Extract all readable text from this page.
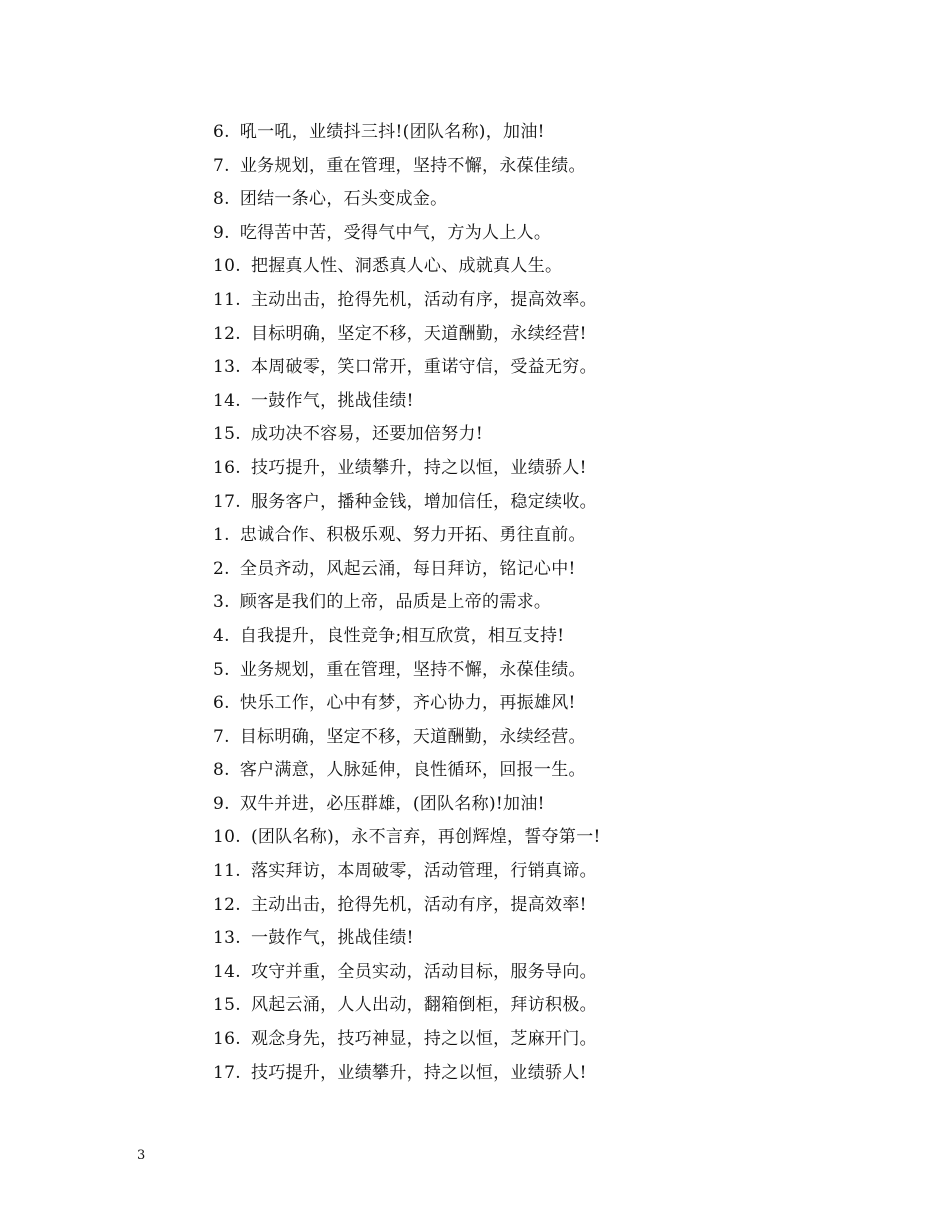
6. 吼一吼，业绩抖三抖!(团队名称)，加油!
7. 业务规划，重在管理，坚持不懈，永葆佳绩。
8. 团结一条心，石头变成金。
9. 吃得苦中苦，受得气中气，方为人上人。
10. 把握真人性、洞悉真人心、成就真人生。
11. 主动出击，抢得先机，活动有序，提高效率。
12. 目标明确，坚定不移，天道酬勤，永续经营!
13. 本周破零，笑口常开，重诺守信，受益无穷。
14. 一鼓作气，挑战佳绩!
15. 成功决不容易，还要加倍努力!
16. 技巧提升，业绩攀升，持之以恒，业绩骄人!
17. 服务客户，播种金钱，增加信任，稳定续收。
1. 忠诚合作、积极乐观、努力开拓、勇往直前。
2. 全员齐动，风起云涌，每日拜访，铭记心中!
3. 顾客是我们的上帝，品质是上帝的需求。
4. 自我提升，良性竞争;相互欣赏，相互支持!
5. 业务规划，重在管理，坚持不懈，永葆佳绩。
6. 快乐工作，心中有梦，齐心协力，再振雄风!
7. 目标明确，坚定不移，天道酬勤，永续经营。
8. 客户满意，人脉延伸，良性循环，回报一生。
9. 双牛并进，必压群雄，(团队名称)!加油!
10. (团队名称)，永不言弃，再创辉煌，誓夺第一!
11. 落实拜访，本周破零，活动管理，行销真谛。
12. 主动出击，抢得先机，活动有序，提高效率!
13. 一鼓作气，挑战佳绩!
14. 攻守并重，全员实动，活动目标，服务导向。
15. 风起云涌，人人出动，翻箱倒柜，拜访积极。
16. 观念身先，技巧神显，持之以恒，芝麻开门。
17. 技巧提升，业绩攀升，持之以恒，业绩骄人!
3
